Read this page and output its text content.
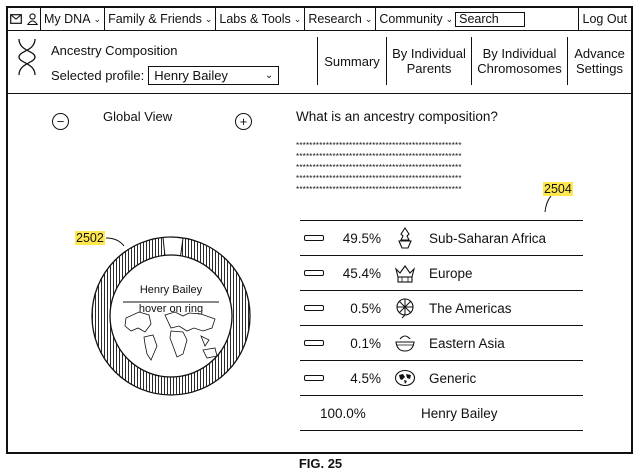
My DNA ⌄ Family & Friends ⌄ Labs & Tools ⌄ Research ⌄ Community ⌄ Search	Log Out
Ancestry Composition
Selected profile: Henry Bailey	⌄
Summary By Individual Parents
By Individual Chromosomes
Advance Settings
−	Global View	+
2502
Henry Bailey
hover on ring
What is an ancestry composition?
**************************************************
**************************************************
**************************************************
**************************************************
**************************************************	2504
49.5%	Sub-Saharan Africa
45.4%	Europe
0.5%	The Americas
0.1%	Eastern Asia
4.5%	Generic
100.0%	Henry Bailey
FIG. 25
